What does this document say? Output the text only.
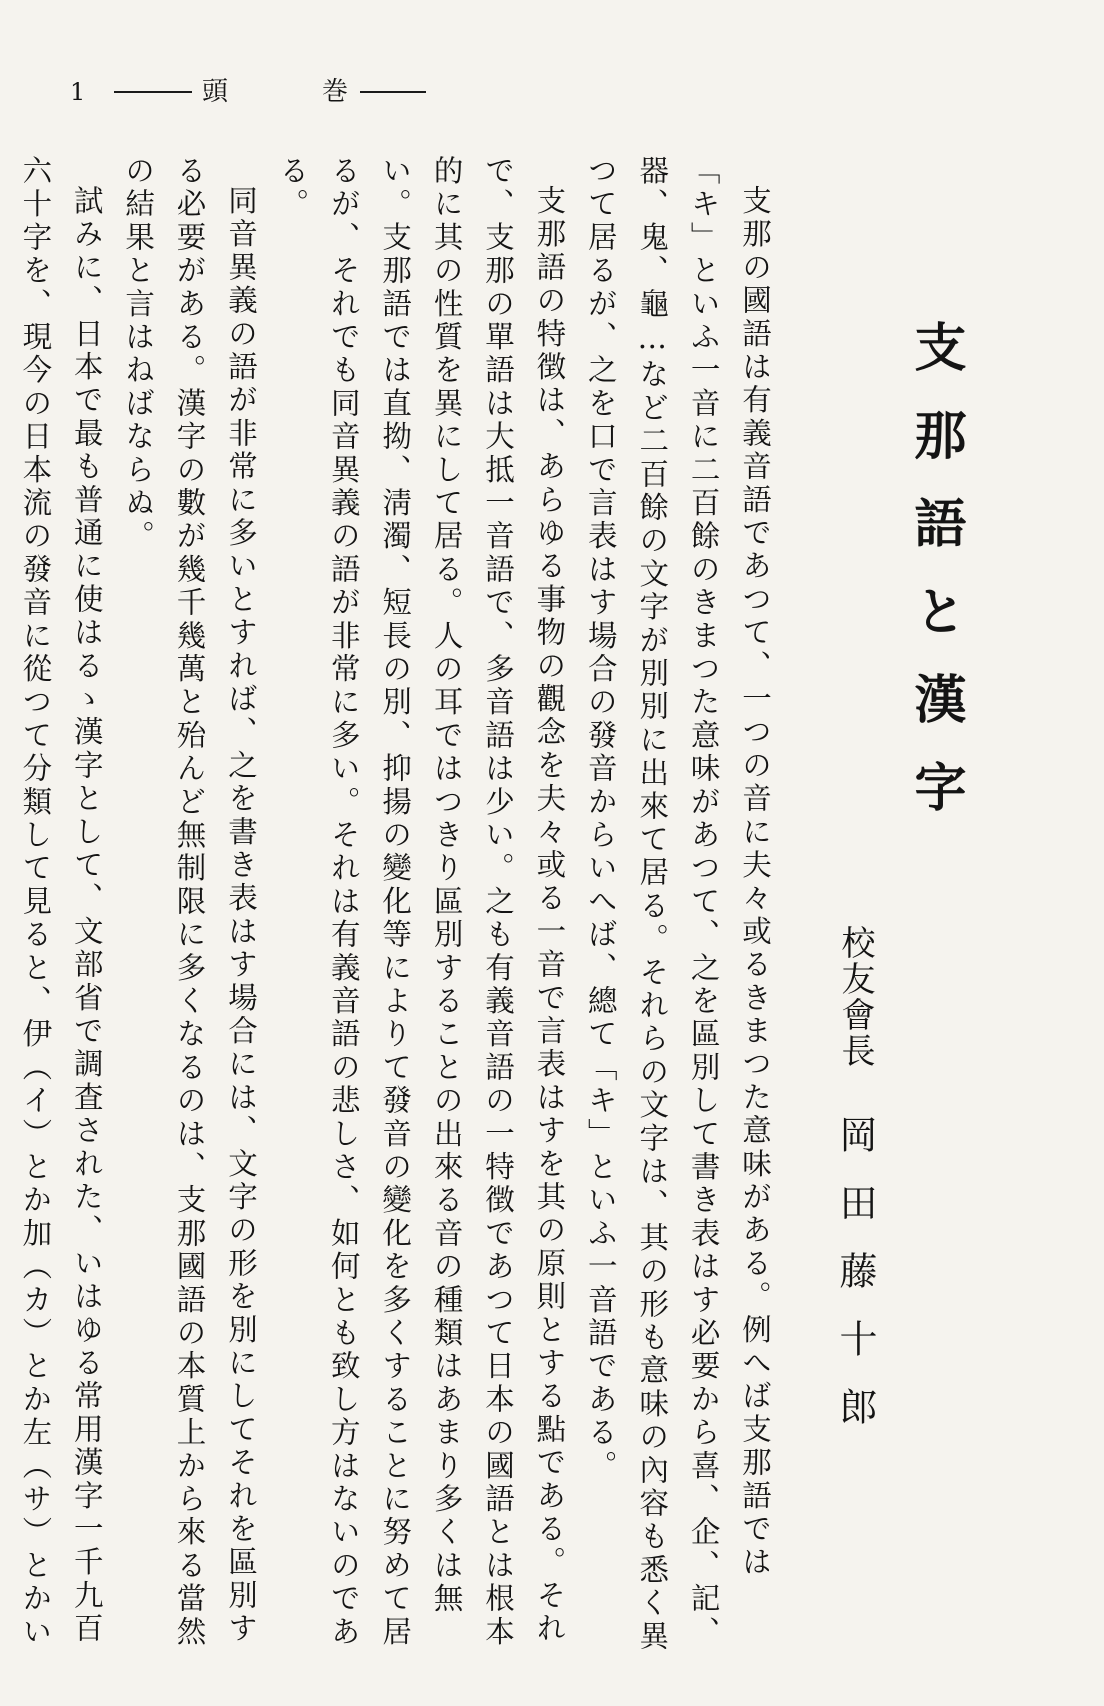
1	頭	巻
支那語と漢字
校友會長岡田藤十郎

支那の國語は有義音語であつて、一つの音に夫々或るきまつた意味がある。例へば支那語では「キ」といふ一音に二百餘のきまつた意味があつて、之を區別して書き表はす必要から喜、企、記、器、鬼、龜…など二百餘の文字が別別に出來て居る。それらの文字は、其の形も意味の內容も悉く異つて居るが、之を口で言表はす場合の發音からいへば、總て「キ」といふ一音語である。

支那語の特徴は、あらゆる事物の觀念を夫々或る一音で言表はすを其の原則とする點である。それで、支那の單語は大抵一音語で、多音語は少い。之も有義音語の一特徴であつて日本の國語とは根本的に其の性質を異にして居る。人の耳ではつきり區別することの出來る音の種類はあまり多くは無い。支那語では直拗、淸濁、短長の別、抑揚の變化等によりて發音の變化を多くすることに努めて居るが、それでも同音異義の語が非常に多い。それは有義音語の悲しさ、如何とも致し方はないのである。

同音異義の語が非常に多いとすれば、之を書き表はす場合には、文字の形を別にしてそれを區別する必要がある。漢字の數が幾千幾萬と殆んど無制限に多くなるのは、支那國語の本質上から來る當然の結果と言はねばならぬ。

試みに、日本で最も普通に使はるゝ漢字として、文部省で調査された、いはゆる常用漢字一千九百六十字を、現今の日本流の發音に從つて分類して見ると、伊（イ）とか加（カ）とか左（サ）とかい
